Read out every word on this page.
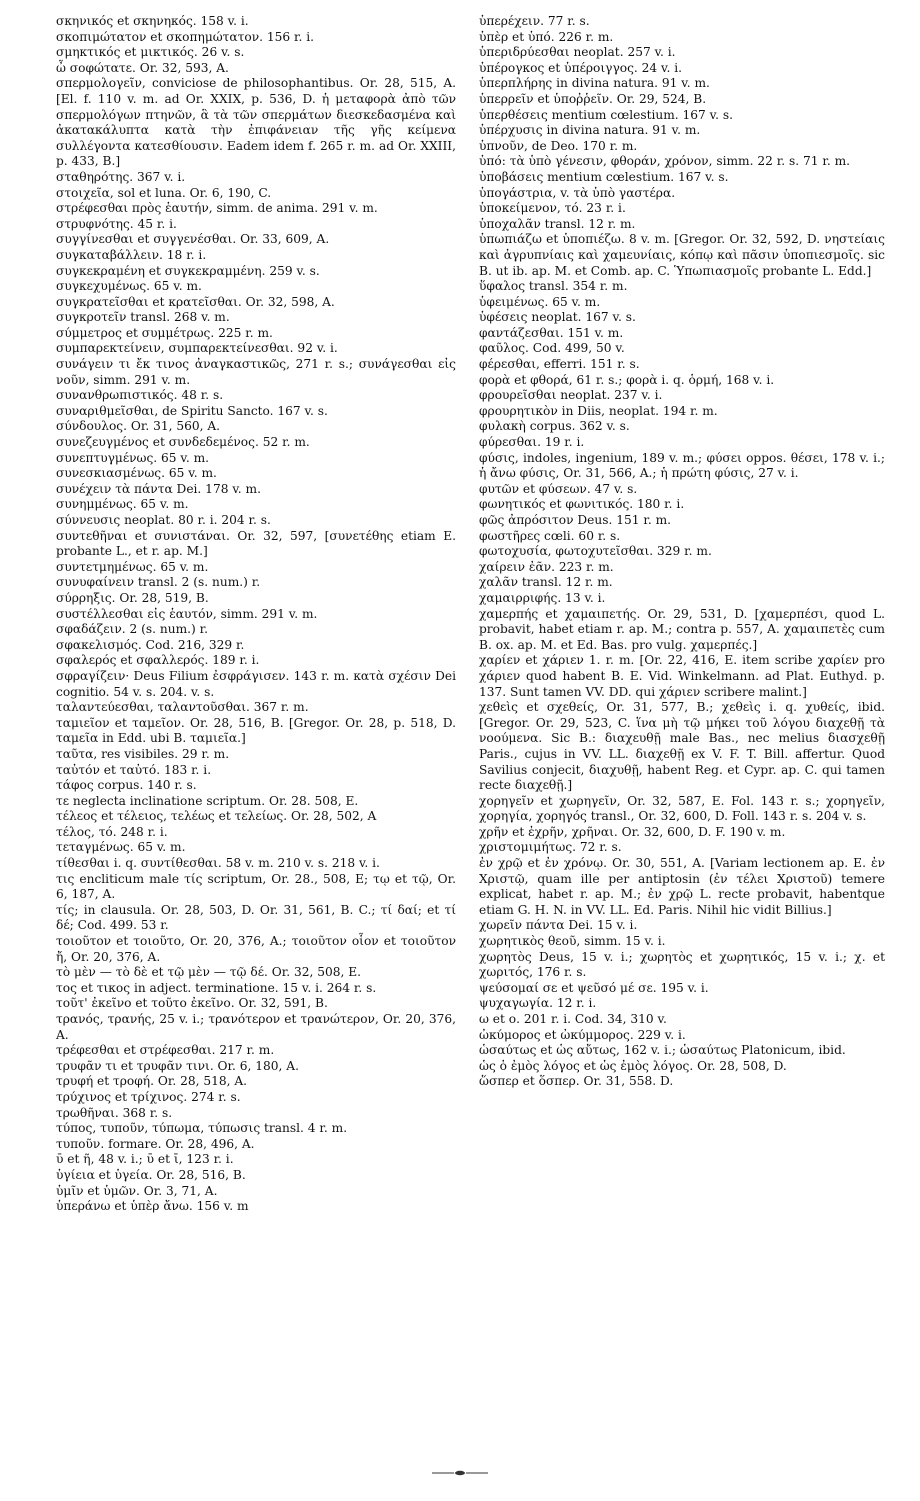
σκηνικός et σκηνηκός. 158 v. i.

σκοπιμώτατον et σκοπημώτατον. 156 r. i.

σμηκτικός et μικτικός. 26 v. s.

ὦ σοφώτατε. Or. 32, 593, A.

σπερμολογεῖν, conviciose de philosophantibus. Or. 28, 515, A. [El. f. 110 v. m. ad Or. XXIX, p. 536, D. ἡ μεταφορὰ ἀπὸ τῶν σπερμολόγων πτηνῶν, ἃ τὰ τῶν σπερμάτων διεσκεδασμένα καὶ ἀκατακάλυπτα κατὰ τὴν ἐπιφάνειαν τῆς γῆς κείμενα συλλέγοντα κατεσθίουσιν. Eadem idem f. 265 r. m. ad Or. XXIII, p. 433, B.]

σταθηρότης. 367 v. i.

στοιχεῖα, sol et luna. Or. 6, 190, C.

στρέφεσθαι πρὸς ἑαυτήν, simm. de anima. 291 v. m.

στρυφνότης. 45 r. i.

συγγίνεσθαι et συγγενέσθαι. Or. 33, 609, A.

συγκαταβάλλειν. 18 r. i.

συγκεκραμένη et συγκεκραμμένη. 259 v. s.

συγκεχυμένως. 65 v. m.

συγκρατεῖσθαι et κρατεῖσθαι. Or. 32, 598, A.

συγκροτεῖν transl. 268 v. m.

σύμμετρος et συμμέτρως. 225 r. m.

συμπαρεκτείνειν, συμπαρεκτείνεσθαι. 92 v. i.

συνάγειν τι ἔκ τινος ἀναγκαστικῶς, 271 r. s.; συνάγεσθαι εἰς νοῦν, simm. 291 v. m.

συνανθρωπιστικός. 48 r. s.

συναριθμεῖσθαι, de Spiritu Sancto. 167 v. s.

σύνδουλος. Or. 31, 560, A.

συνεζευγμένος et συνδεδεμένος. 52 r. m.

συνεπτυγμένως. 65 v. m.

συνεσκιασμένως. 65 v. m.

συνέχειν τὰ πάντα Dei. 178 v. m.

συνημμένως. 65 v. m.

σύννευσις neoplat. 80 r. i. 204 r. s.

συντεθῆναι et συνιστάναι. Or. 32, 597, [συνετέθης etiam E. probante L., et r. ap. M.]

συντετμημένως. 65 v. m.

συνυφαίνειν transl. 2 (s. num.) r.

σύρρηξις. Or. 28, 519, B.

συστέλλεσθαι εἰς ἑαυτόν, simm. 291 v. m.

σφαδάζειν. 2 (s. num.) r.

σφακελισμός. Cod. 216, 329 r.

σφαλερός et σφαλλερός. 189 r. i.

σφραγίζειν· Deus Filium ἐσφράγισεν. 143 r. m. κατὰ σχέσιν Dei cognitio. 54 v. s. 204. v. s.

ταλαντεύεσθαι, ταλαντοῦσθαι. 367 r. m.

ταμιεῖον et ταμεῖον. Or. 28, 516, B. [Gregor. Or. 28, p. 518, D. ταμεῖα in Edd. ubi B. ταμιεῖα.]

ταῦτα, res visibiles. 29 r. m.

ταὐτόν et ταὐτό. 183 r. i.

τάφος corpus. 140 r. s.

τε neglecta inclinatione scriptum. Or. 28. 508, E.

τέλεος et τέλειος, τελέως et τελείως. Or. 28, 502, A

τέλος, τό. 248 r. i.

τεταγμένως. 65 v. m.

τίθεσθαι i. q. συντίθεσθαι. 58 v. m. 210 v. s. 218 v. i.

τις encliticum male τίς scriptum, Or. 28., 508, E; τῳ et τῷ, Or. 6, 187, A.

τίς; in clausula. Or. 28, 503, D. Or. 31, 561, B. C.; τί δαί; et τί δέ; Cod. 499. 53 r.

τοιοῦτον et τοιοῦτο, Or. 20, 376, A.; τοιοῦτον οἷον et τοιοῦτον ἤ, Or. 20, 376, A.

τὸ μὲν — τὸ δὲ et τῷ μὲν — τῷ δέ. Or. 32, 508, E.

τος et τικος in adject. terminatione. 15 v. i. 264 r. s.

τοῦτ' ἐκεῖνο et τοῦτο ἐκεῖνο. Or. 32, 591, B.

τρανός, τρανής, 25 v. i.; τρανότερον et τρανώτερον, Or. 20, 376, A.

τρέφεσθαι et στρέφεσθαι. 217 r. m.

τρυφᾶν τι et τρυφᾶν τινι. Or. 6, 180, A.

τρυφή et τροφή. Or. 28, 518, A.

τρύχινος et τρίχινος. 274 r. s.

τρωθῆναι. 368 r. s.

τύπος, τυποῦν, τύπωμα, τύπωσις transl. 4 r. m.

τυποῦν. formare. Or. 28, 496, A.

ῡ et ῆ, 48 v. i.; ῡ et ῑ, 123 r. i.

ὑγίεια et ὑγεία. Or. 28, 516, B.

ὑμῖν et ὑμῶν. Or. 3, 71, A.

ὑπεράνω et ὑπὲρ ἄνω. 156 v. m

ὑπερέχειν. 77 r. s.

ὑπὲρ et ὑπό. 226 r. m.

ὑπεριδρύεσθαι neoplat. 257 v. i.

ὑπέρογκος et ὑπέροιγγος. 24 v. i.

ὑπερπλήρης in divina natura. 91 v. m.

ὑπερρεῖν et ὑποῤῥεῖν. Or. 29, 524, B.

ὑπερθέσεις mentium cœlestium. 167 v. s.

ὑπέρχυσις in divina natura. 91 v. m.

ὑπνοῦν, de Deo. 170 r. m.

ὑπό: τὰ ὑπὸ γένεσιν, φθοράν, χρόνον, simm. 22 r. s. 71 r. m.

ὑποβάσεις mentium cœlestium. 167 v. s.

ὑπογάστρια, v. τὰ ὑπὸ γαστέρα.

ὑποκείμενον, τό. 23 r. i.

ὑποχαλᾶν transl. 12 r. m.

ὑπωπιάζω et ὑποπιέζω. 8 v. m. [Gregor. Or. 32, 592, D. νηστείαις καὶ ἀγρυπνίαις καὶ χαμευνίαις, κόπῳ καὶ πᾶσιν ὑποπιεσμοῖς. sic B. ut ib. ap. M. et Comb. ap. C. Ὑπωπιασμοῖς probante L. Edd.]

ὕφαλος transl. 354 r. m.

ὑφειμένως. 65 v. m.

ὑφέσεις neoplat. 167 v. s.

φαντάζεσθαι. 151 v. m.

φαῦλος. Cod. 499, 50 v.

φέρεσθαι, efferri. 151 r. s.

φορὰ et φθορά, 61 r. s.; φορὰ i. q. ὁρμή, 168 v. i.

φρουρεῖσθαι neoplat. 237 v. i.

φρουρητικὸν in Diis, neoplat. 194 r. m.

φυλακὴ corpus. 362 v. s.

φύρεσθαι. 19 r. i.

φύσις, indoles, ingenium, 189 v. m.; φύσει oppos. θέσει, 178 v. i.; ἡ ἄνω φύσις, Or. 31, 566, A.; ἡ πρώτη φύσις, 27 v. i.

φυτῶν et φύσεων. 47 v. s.

φωνητικός et φωνιτικός. 180 r. i.

φῶς ἀπρόσιτον Deus. 151 r. m.

φωστῆρες cœli. 60 r. s.

φωτοχυσία, φωτοχυτεῖσθαι. 329 r. m.

χαίρειν ἐᾶν. 223 r. m.

χαλᾶν transl. 12 r. m.

χαμαιρριφής. 13 v. i.

χαμερπής et χαμαιπετής. Or. 29, 531, D. [χαμερπέσι, quod L. probavit, habet etiam r. ap. M.; contra p. 557, A. χαμαιπετὲς cum B. ox. ap. M. et Ed. Bas. pro vulg. χαμερπές.]

χαρίεν et χάριεν 1. r. m. [Or. 22, 416, E. item scribe χαρίεν pro χάριεν quod habent B. E. Vid. Winkelmann. ad Plat. Euthyd. p. 137. Sunt tamen VV. DD. qui χάριεν scribere malint.]

χεθεὶς et σχεθείς, Or. 31, 577, B.; χεθεὶς i. q. χυθείς, ibid. [Gregor. Or. 29, 523, C. ἵνα μὴ τῷ μήκει τοῦ λόγου διαχεθῇ τὰ νοούμενα. Sic B.: διαχευθῇ male Bas., nec melius διασχεθῇ Paris., cujus in VV. LL. διαχεθῇ ex V. F. T. Bill. affertur. Quod Savilius conjecit, διαχυθῇ, habent Reg. et Cypr. ap. C. qui tamen recte διαχεθῇ.]

χορηγεῖν et χωρηγεῖν, Or. 32, 587, E. Fol. 143 r. s.; χορηγεῖν, χορηγία, χορηγός transl., Or. 32, 600, D. Foll. 143 r. s. 204 v. s.

χρῆν et ἐχρῆν, χρῆναι. Or. 32, 600, D. F. 190 v. m.

χριστομιμήτως. 72 r. s.

ἐν χρῷ et ἐν χρόνῳ. Or. 30, 551, A. [Variam lectionem ap. E. ἐν Χριστῷ, quam ille per antiptosin (ἐν τέλει Χριστοῦ) temere explicat, habet r. ap. M.; ἐν χρῷ L. recte probavit, habentque etiam G. H. N. in VV. LL. Ed. Paris. Nihil hic vidit Billius.]

χωρεῖν πάντα Dei. 15 v. i.

χωρητικὸς θεοῦ, simm. 15 v. i.

χωρητὸς Deus, 15 v. i.; χωρητὸς et χωρητικός, 15 v. i.; χ. et χωριτός, 176 r. s.

ψεύσομαί σε et ψεῦσό μέ σε. 195 v. i.

ψυχαγωγία. 12 r. i.

ω et ο. 201 r. i. Cod. 34, 310 v.

ὠκύμορος et ὠκύμμορος. 229 v. i.

ὡσαύτως et ὡς αὔτως, 162 v. i.; ὡσαύτως Platonicum, ibid.

ὡς ὁ ἐμὸς λόγος et ὡς ἐμὸς λόγος. Or. 28, 508, D.

ὥσπερ et ὅσπερ. Or. 31, 558. D.
